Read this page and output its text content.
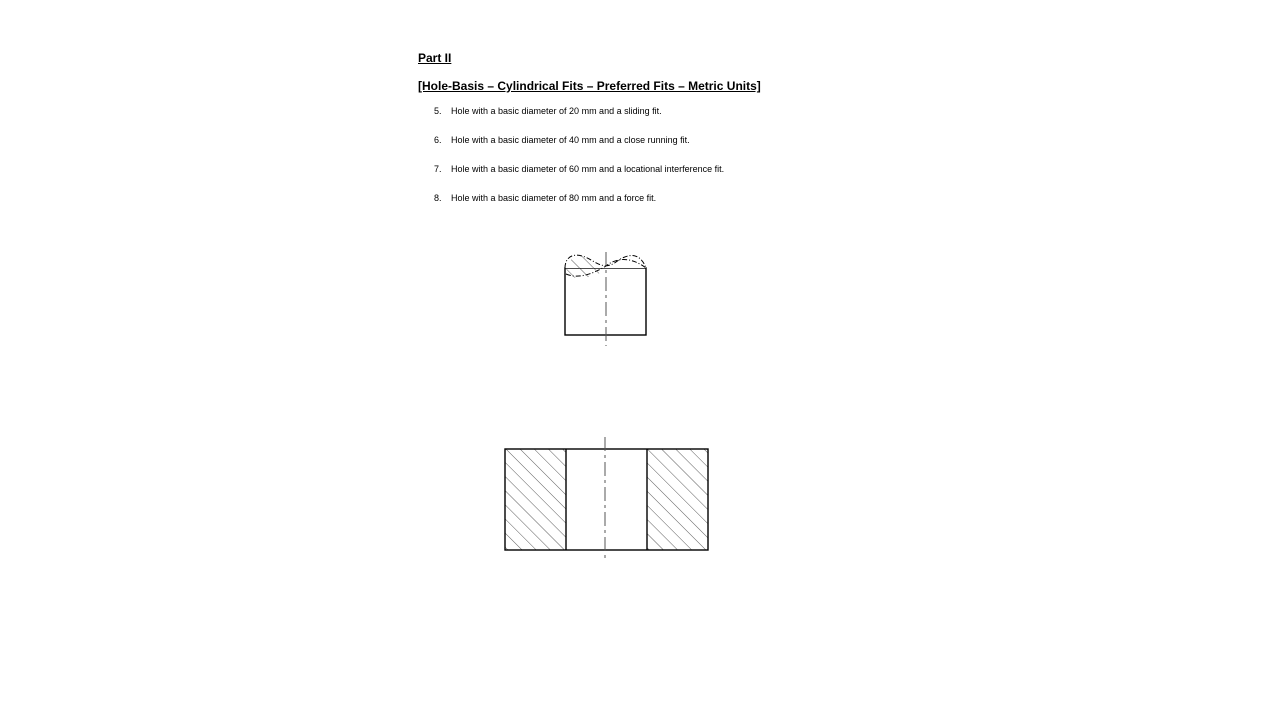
Part II
[Hole-Basis – Cylindrical Fits – Preferred Fits – Metric Units]
5.	Hole with a basic diameter of 20 mm and a sliding fit.
6.	Hole with a basic diameter of 40 mm and a close running fit.
7.	Hole with a basic diameter of 60 mm and a locational interference fit.
8.	Hole with a basic diameter of 80 mm and a force fit.
